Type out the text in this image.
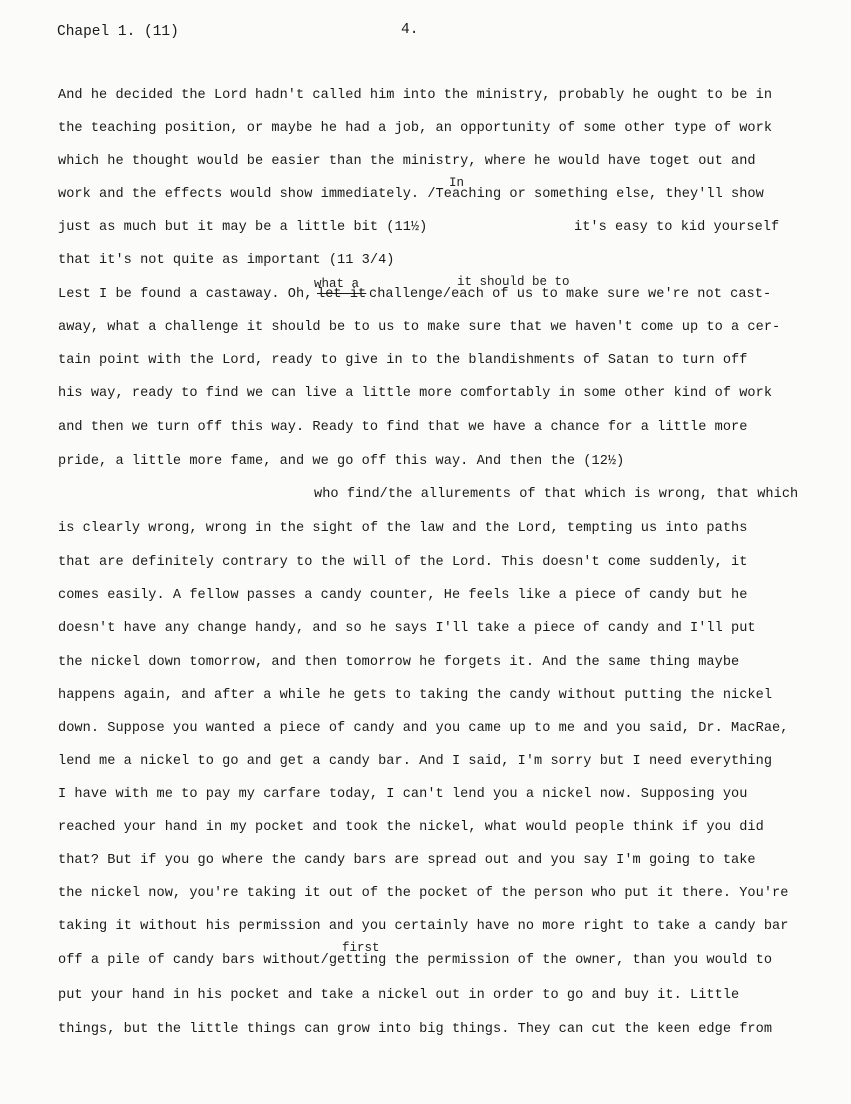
Chapel 1. (11)	4.
In
what a	it should be to
first
And he decided the Lord hadn't called him into the ministry, probably he ought to be in
the teaching position, or maybe he had a job, an opportunity of some other type of work
which he thought would be easier than the ministry, where he would have toget out and
work and the effects would show immediately. /Teaching or something else, they'll show
just as much but it may be a little bit (11½)	it's easy to kid yourself
that it's not quite as important (11 3/4)
Lest I be found a castaway. Oh, let it challenge/each of us to make sure we're not cast-
away, what a challenge it should be to us to make sure that we haven't come up to a cer-
tain point with the Lord, ready to give in to the blandishments of Satan to turn off
his way, ready to find we can live a little more comfortably in some other kind of work
and then we turn off this way. Ready to find that we have a chance for a little more
pride, a little more fame, and we go off this way. And then the (12½)
who find/the allurements of that which is wrong, that which
is clearly wrong, wrong in the sight of the law and the Lord, tempting us into paths
that are definitely contrary to the will of the Lord. This doesn't come suddenly, it
comes easily. A fellow passes a candy counter, He feels like a piece of candy but he
doesn't have any change handy, and so he says I'll take a piece of candy and I'll put
the nickel down tomorrow, and then tomorrow he forgets it. And the same thing maybe
happens again, and after a while he gets to taking the candy without putting the nickel
down. Suppose you wanted a piece of candy and you came up to me and you said, Dr. MacRae,
lend me a nickel to go and get a candy bar. And I said, I'm sorry but I need everything
I have with me to pay my carfare today, I can't lend you a nickel now. Supposing you
reached your hand in my pocket and took the nickel, what would people think if you did
that? But if you go where the candy bars are spread out and you say I'm going to take
the nickel now, you're taking it out of the pocket of the person who put it there. You're
taking it without his permission and you certainly have no more right to take a candy bar
off a pile of candy bars without/getting the permission of the owner, than you would to
put your hand in his pocket and take a nickel out in order to go and buy it. Little
things, but the little things can grow into big things. They can cut the keen edge from
